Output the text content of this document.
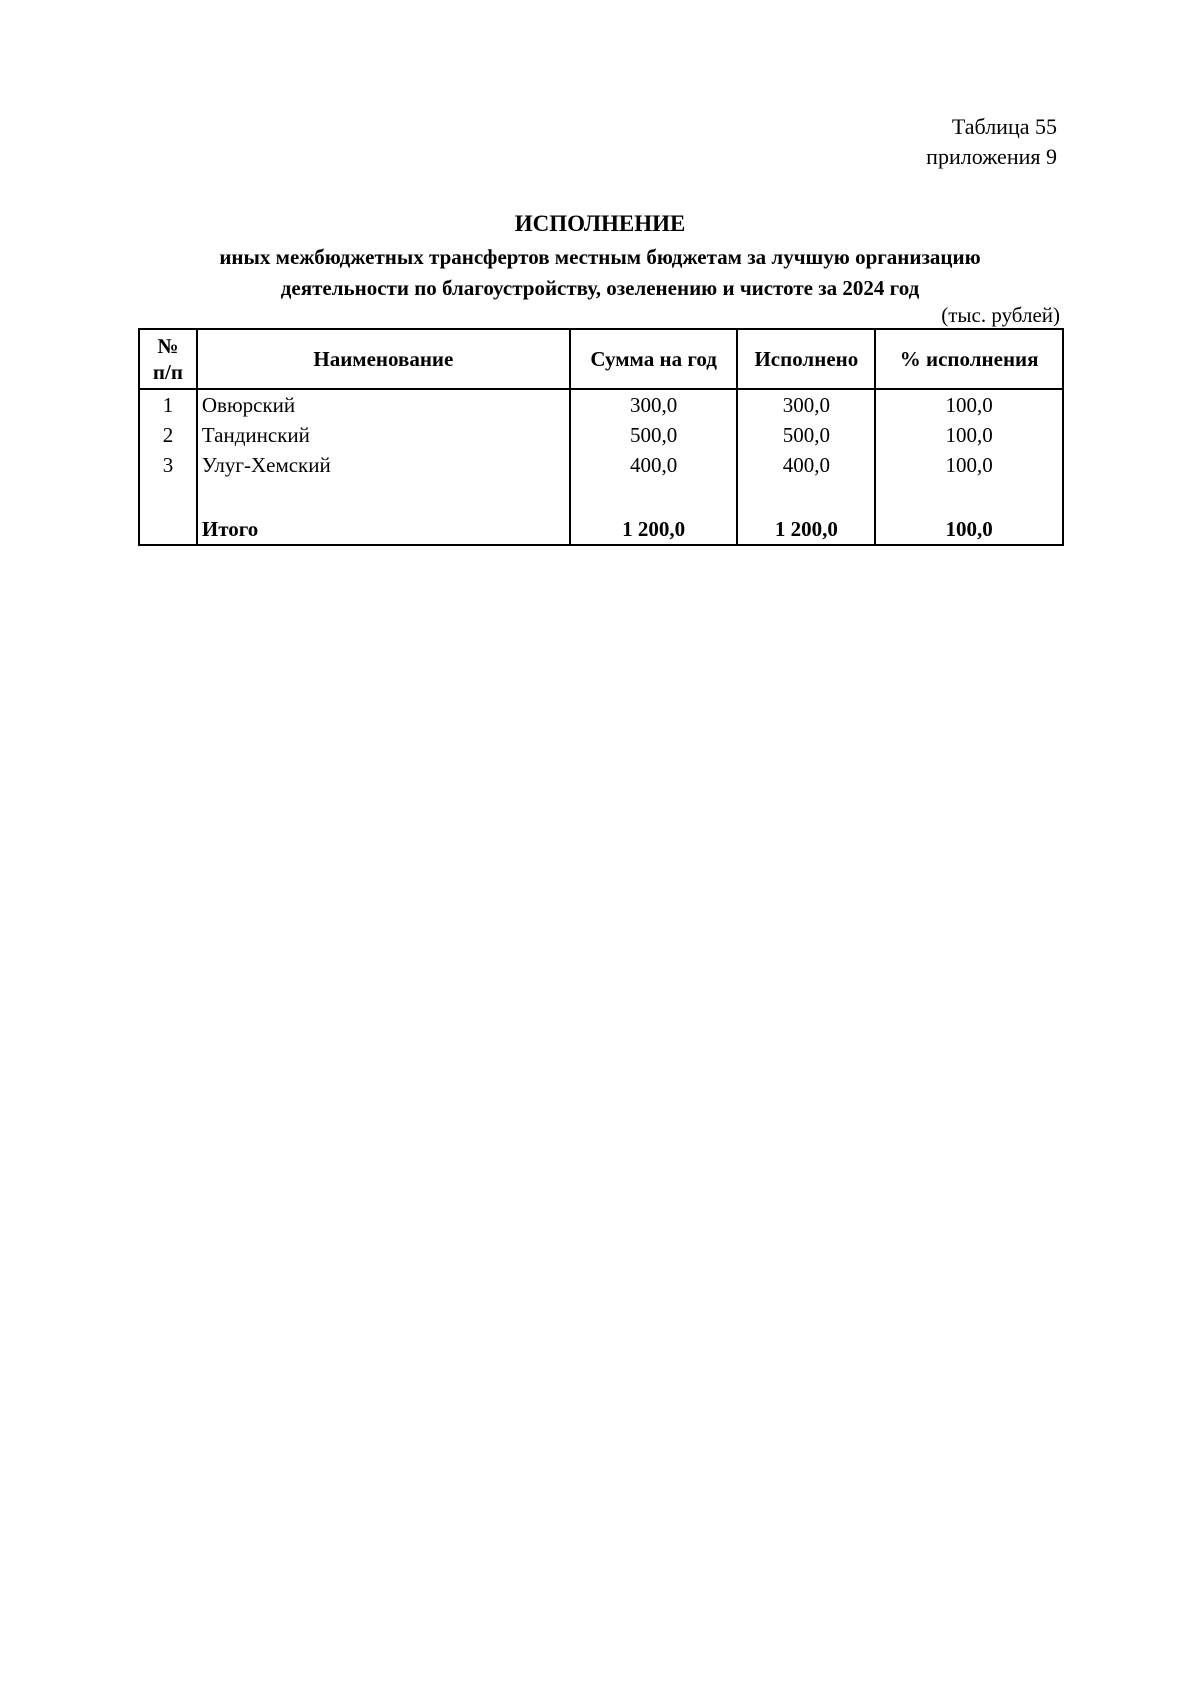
Таблица 55
приложения 9
ИСПОЛНЕНИЕ
иных межбюджетных трансфертов местным бюджетам за лучшую организацию
деятельности по благоустройству, озеленению и чистоте за 2024 год
(тыс. рублей)
№
п/п	Наименование	Сумма на год	Исполнено	% исполнения
1	Овюрский	300,0	300,0	100,0
2	Тандинский	500,0	500,0	100,0
3	Улуг-Хемский	400,0	400,0	100,0

	Итого	1 200,0	1 200,0	100,0
